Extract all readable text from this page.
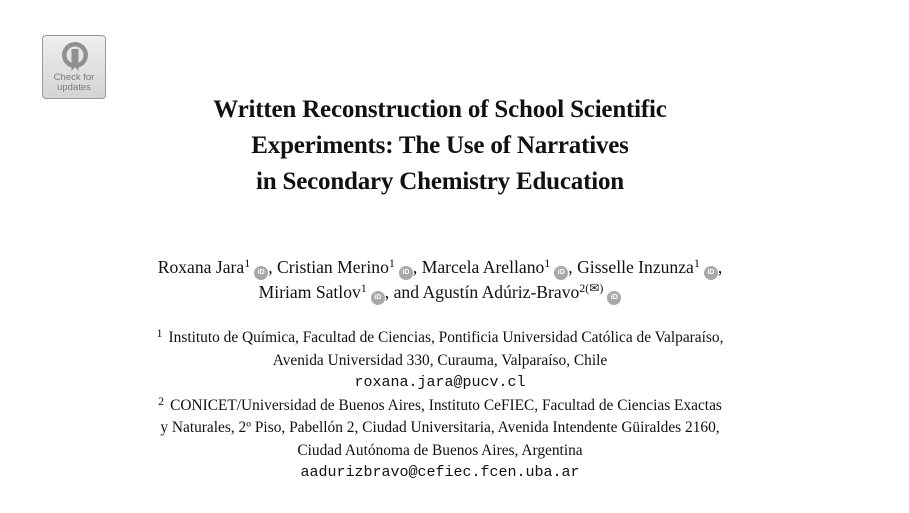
Check for
updates
Written Reconstruction of School Scientific
Experiments: The Use of Narratives
in Secondary Chemistry Education
Roxana Jara$^1$iD , Cristian Merino$^1$iD , Marcela Arellano$^1$iD , Gisselle Inzunza$^1$iD ,
Miriam Satlov$^1$iD , and Agustín Adúriz-Bravo$^{2(✉)}$iD
$^1$ Instituto de Química, Facultad de Ciencias, Pontificia Universidad Católica de Valparaíso,
Avenida Universidad 330, Curauma, Valparaíso, Chile
roxana.jara@pucv.cl
$^2$ CONICET/Universidad de Buenos Aires, Instituto CeFIEC, Facultad de Ciencias Exactas
y Naturales, 2º Piso, Pabellón 2, Ciudad Universitaria, Avenida Intendente Güiraldes 2160,
Ciudad Autónoma de Buenos Aires, Argentina
aadurizbravo@cefiec.fcen.uba.ar
